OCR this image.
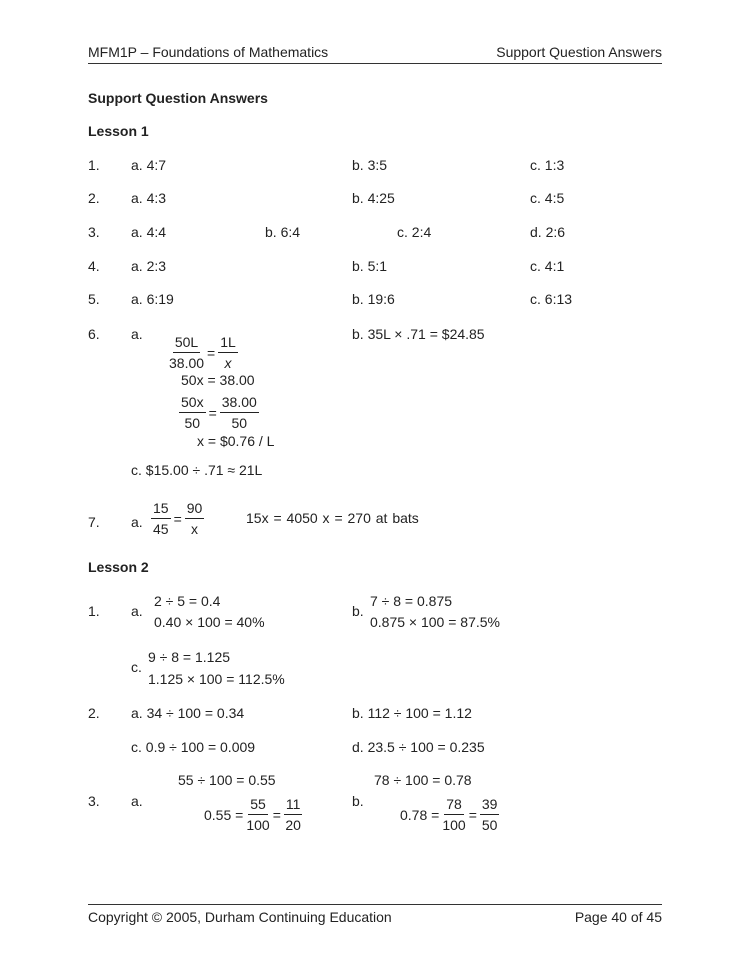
MFM1P – Foundations of Mathematics	Support Question Answers
Support Question Answers
Lesson 1
1. a. 4:7	b. 3:5	c. 1:3
2. a. 4:3	b. 4:25	c. 4:5
3. a. 4:4	b. 6:4	c. 2:4	d. 2:6
4. a. 2:3	b. 5:1	c. 4:1
5. a. 6:19	b. 19:6	c. 6:13
6. a. $\frac{50L}{38.00} = \frac{1L}{x}$
50x = 38.00
$\frac{50x}{50} = \frac{38.00}{50}$
x = $0.76 / L
b. 35L × .71 = $24.85
c. $15.00 ÷ .71 ≈ 21L
7. a. $\frac{15}{45} = \frac{90}{x}$	15x = 4050 x = 270 at bats
Lesson 2
1. a.
2 ÷ 5 = 0.4
0.40 × 100 = 40%
b.
7 ÷ 8 = 0.875
0.875 × 100 = 87.5%
c.
9 ÷ 8 = 1.125
1.125 × 100 = 112.5%
2. a. 34 ÷ 100 = 0.34	b. 112 ÷ 100 = 1.12
c. 0.9 ÷ 100 = 0.009	d. 23.5 ÷ 100 = 0.235
55 ÷ 100 = 0.55
3. a.
$0.55 = \frac{55}{100} = \frac{11}{20}$
78 ÷ 100 = 0.78
b.
$0.78 = \frac{78}{100} = \frac{39}{50}$
Copyright © 2005, Durham Continuing Education	Page 40 of 45
